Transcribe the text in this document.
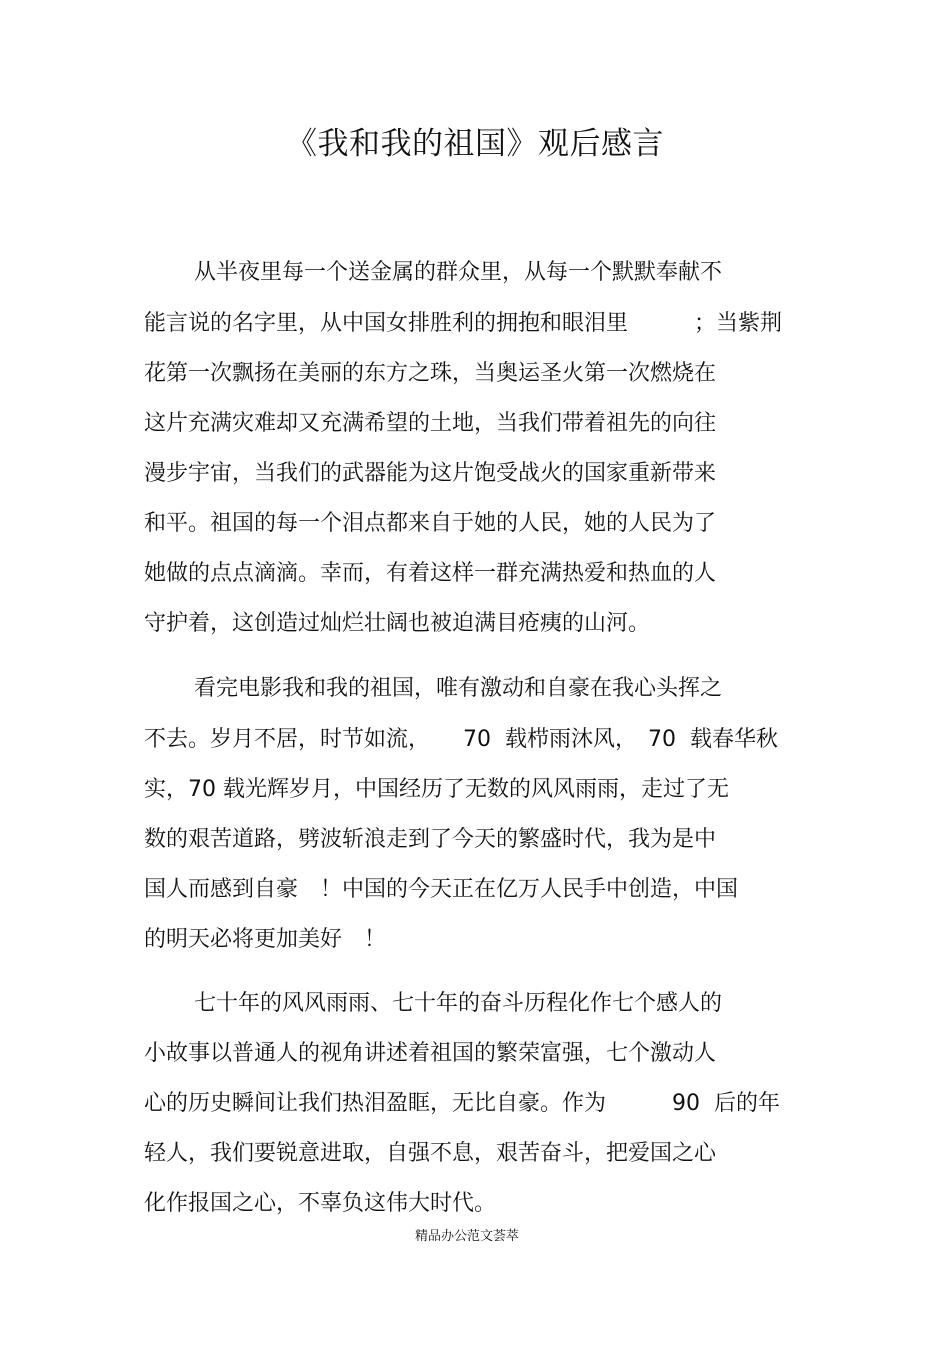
《我和我的祖国》观后感言
从半夜里每一个送金属的群众里，从每一个默默奉献不
能言说的名字里，从中国女排胜利的拥抱和眼泪里　　　；当紫荆
花第一次飘扬在美丽的东方之珠，当奥运圣火第一次燃烧在
这片充满灾难却又充满希望的土地，当我们带着祖先的向往
漫步宇宙，当我们的武器能为这片饱受战火的国家重新带来
和平。祖国的每一个泪点都来自于她的人民，她的人民为了
她做的点点滴滴。幸而，有着这样一群充满热爱和热血的人
守护着，这创造过灿烂壮阔也被迫满目疮痍的山河。
看完电影我和我的祖国，唯有激动和自豪在我心头挥之
不去。岁月不居，时节如流，　　70  载栉雨沐风，　70  载春华秋
实，70 载光辉岁月，中国经历了无数的风风雨雨，走过了无
数的艰苦道路，劈波斩浪走到了今天的繁盛时代，我为是中
国人而感到自豪　！中国的今天正在亿万人民手中创造，中国
的明天必将更加美好　！
七十年的风风雨雨、七十年的奋斗历程化作七个感人的
小故事以普通人的视角讲述着祖国的繁荣富强，七个激动人
心的历史瞬间让我们热泪盈眶，无比自豪。作为　　　90  后的年
轻人，我们要锐意进取，自强不息，艰苦奋斗，把爱国之心
化作报国之心，不辜负这伟大时代。
精品办公范文荟萃
